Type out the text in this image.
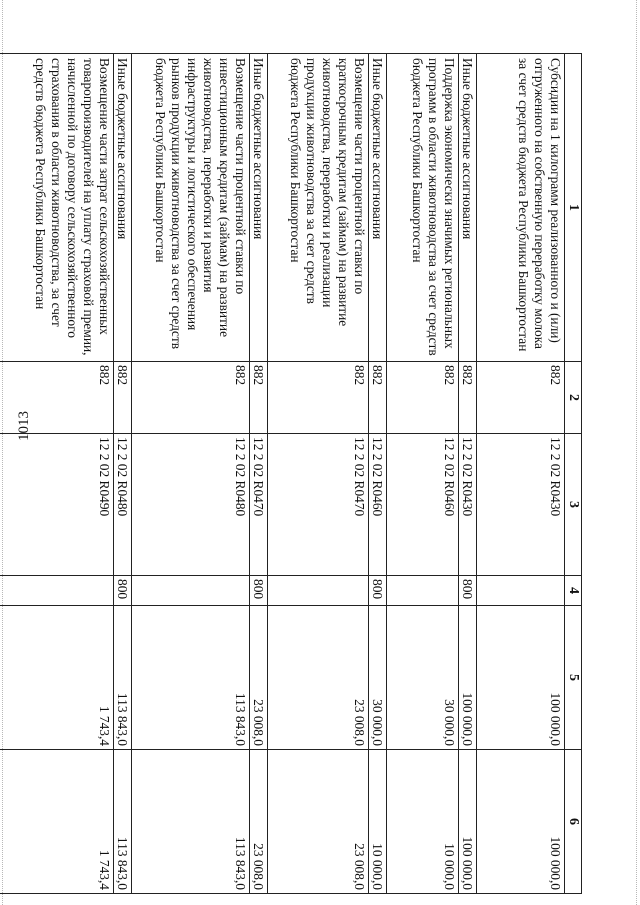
1013
1	2	3	4	5	6
Субсидии на 1 килограмм реализованного и (или) отгруженного на собственную переработку молока за счет средств бюджета Республики Башкортостан	882	12 2 02 R0430		100 000,0	100 000,0
Иные бюджетные ассигнования	882	12 2 02 R0430	800	100 000,0	100 000,0
Поддержка экономически значимых региональных программ в области животноводства за счет средств бюджета Республики Башкортостан	882	12 2 02 R0460		30 000,0	10 000,0
Иные бюджетные ассигнования	882	12 2 02 R0460	800	30 000,0	10 000,0
Возмещение части процентной ставки по краткосрочным кредитам (займам) на развитие животноводства, переработки и реализации продукции животноводства за счет средств бюджета Республики Башкортостан	882	12 2 02 R0470		23 008,0	23 008,0
Иные бюджетные ассигнования	882	12 2 02 R0470	800	23 008,0	23 008,0
Возмещение части процентной ставки по инвестиционным кредитам (займам) на развитие животноводства, переработки и развития инфраструктуры и логистического обеспечения рынков продукции животноводства за счет средств бюджета Республики Башкортостан	882	12 2 02 R0480		113 843,0	113 843,0
Иные бюджетные ассигнования	882	12 2 02 R0480	800	113 843,0	113 843,0
Возмещение части затрат сельскохозяйственных товаропроизводителей на уплату страховой премии, начисленной по договору сельскохозяйственного страхования в области животноводства, за счет средств бюджета Республики Башкортостан	882	12 2 02 R0490		1 743,4	1 743,4
